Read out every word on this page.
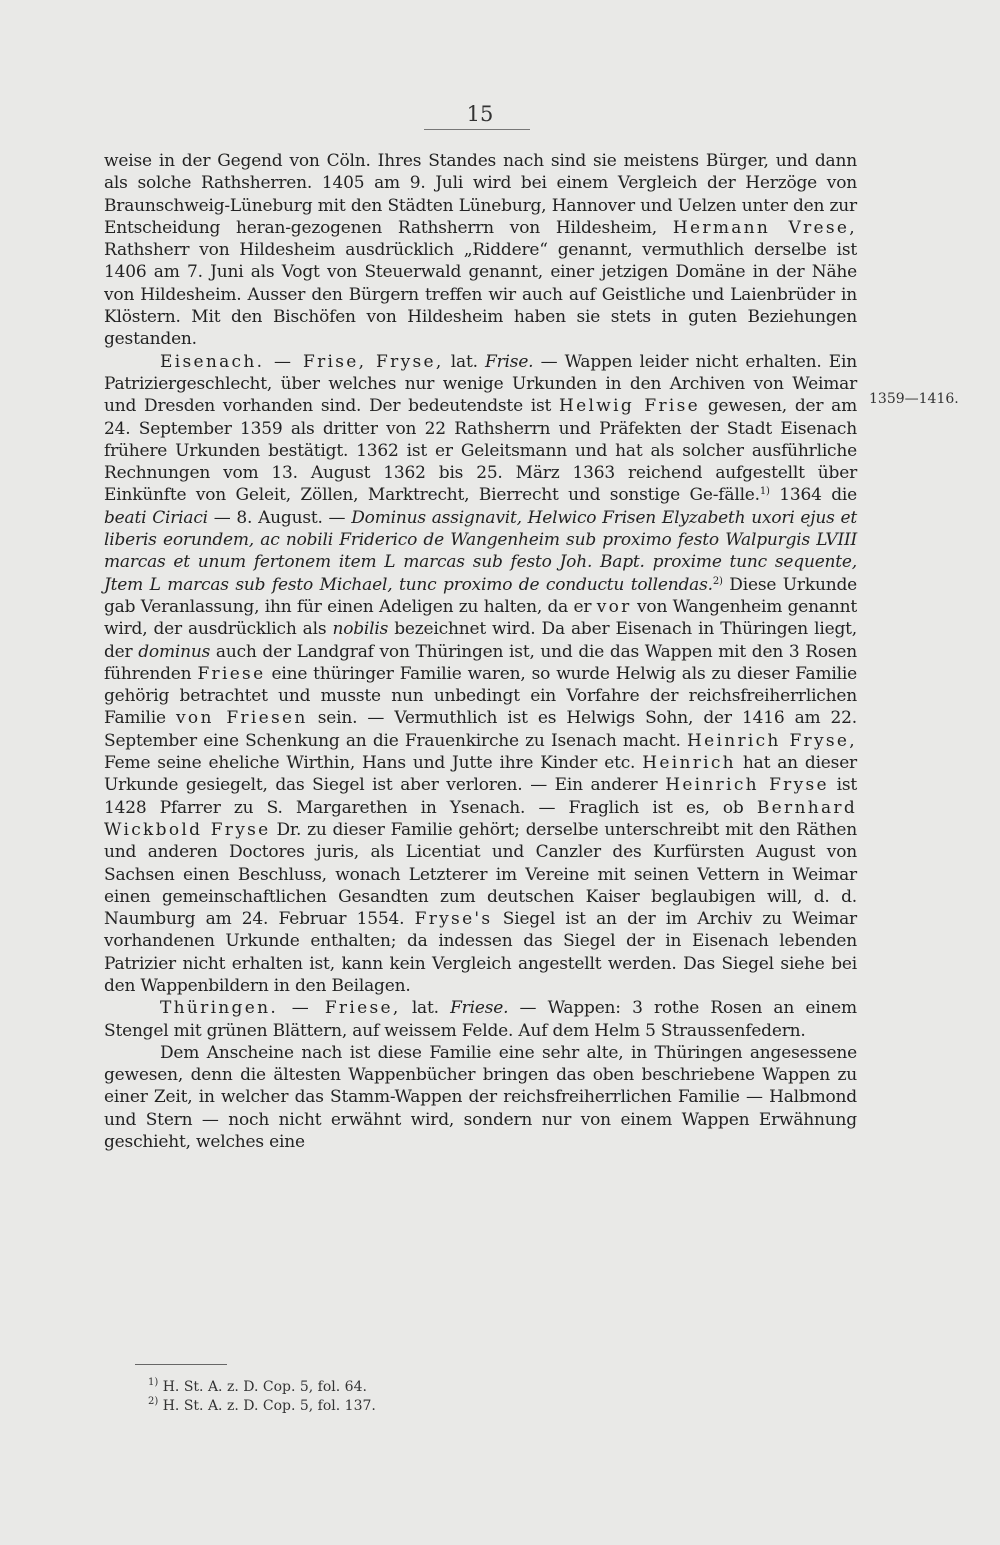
15
1359—1416.

weise in der Gegend von Cöln. Ihres Standes nach sind sie meistens Bürger, und dann als solche Rathsherren. 1405 am 9. Juli wird bei einem Vergleich der Herzöge von Braunschweig-Lüneburg mit den Städten Lüneburg, Hannover und Uelzen unter den zur Entscheidung heran-gezogenen Rathsherrn von Hildesheim, Hermann Vrese, Rathsherr von Hildesheim ausdrücklich „Riddere“ genannt, vermuthlich derselbe ist 1406 am 7. Juni als Vogt von Steuerwald genannt, einer jetzigen Domäne in der Nähe von Hildesheim. Ausser den Bürgern treffen wir auch auf Geistliche und Laienbrüder in Klöstern. Mit den Bischöfen von Hildesheim haben sie stets in guten Beziehungen gestanden.

Eisenach. — Frise, Fryse, lat. Frise. — Wappen leider nicht erhalten. Ein Patriziergeschlecht, über welches nur wenige Urkunden in den Archiven von Weimar und Dresden vorhanden sind. Der bedeutendste ist Helwig Frise gewesen, der am 24. September 1359 als dritter von 22 Rathsherrn und Präfekten der Stadt Eisenach frühere Urkunden bestätigt. 1362 ist er Geleitsmann und hat als solcher ausführliche Rechnungen vom 13. August 1362 bis 25. März 1363 reichend aufgestellt über Einkünfte von Geleit, Zöllen, Marktrecht, Bierrecht und sonstige Ge-fälle.$^{1)}$ 1364 die beati Ciriaci — 8. August. — Dominus assignavit, Helwico Frisen Elyzabeth uxori ejus et liberis eorundem, ac nobili Friderico de Wangenheim sub proximo festo Walpurgis LVIII marcas et unum fertonem item L marcas sub festo Joh. Bapt. proxime tunc sequente, Jtem L marcas sub festo Michael, tunc proximo de conductu tollendas.$^{2)}$ Diese Urkunde gab Veranlassung, ihn für einen Adeligen zu halten, da er vor von Wangenheim genannt wird, der ausdrücklich als nobilis bezeichnet wird. Da aber Eisenach in Thüringen liegt, der dominus auch der Landgraf von Thüringen ist, und die das Wappen mit den 3 Rosen führenden Friese eine thüringer Familie waren, so wurde Helwig als zu dieser Familie gehörig betrachtet und musste nun unbedingt ein Vorfahre der reichsfreiherrlichen Familie von Friesen sein. — Vermuthlich ist es Helwigs Sohn, der 1416 am 22. September eine Schenkung an die Frauenkirche zu Isenach macht. Heinrich Fryse, Feme seine eheliche Wirthin, Hans und Jutte ihre Kinder etc. Heinrich hat an dieser Urkunde gesiegelt, das Siegel ist aber verloren. — Ein anderer Heinrich Fryse ist 1428 Pfarrer zu S. Margarethen in Ysenach. — Fraglich ist es, ob Bernhard Wickbold Fryse Dr. zu dieser Familie gehört; derselbe unterschreibt mit den Räthen und anderen Doctores juris, als Licentiat und Canzler des Kurfürsten August von Sachsen einen Beschluss, wonach Letzterer im Vereine mit seinen Vettern in Weimar einen gemeinschaftlichen Gesandten zum deutschen Kaiser beglaubigen will, d. d. Naumburg am 24. Februar 1554. Fryse's Siegel ist an der im Archiv zu Weimar vorhandenen Urkunde enthalten; da indessen das Siegel der in Eisenach lebenden Patrizier nicht erhalten ist, kann kein Vergleich angestellt werden. Das Siegel siehe bei den Wappenbildern in den Beilagen.

Thüringen. — Friese, lat. Friese. — Wappen: 3 rothe Rosen an einem Stengel mit grünen Blättern, auf weissem Felde. Auf dem Helm 5 Straussenfedern.

Dem Anscheine nach ist diese Familie eine sehr alte, in Thüringen angesessene gewesen, denn die ältesten Wappenbücher bringen das oben beschriebene Wappen zu einer Zeit, in welcher das Stamm-Wappen der reichsfreiherrlichen Familie — Halbmond und Stern — noch nicht erwähnt wird, sondern nur von einem Wappen Erwähnung geschieht, welches eine

$^{1)}$ H. St. A. z. D. Cop. 5, fol. 64.
$^{2)}$ H. St. A. z. D. Cop. 5, fol. 137.
